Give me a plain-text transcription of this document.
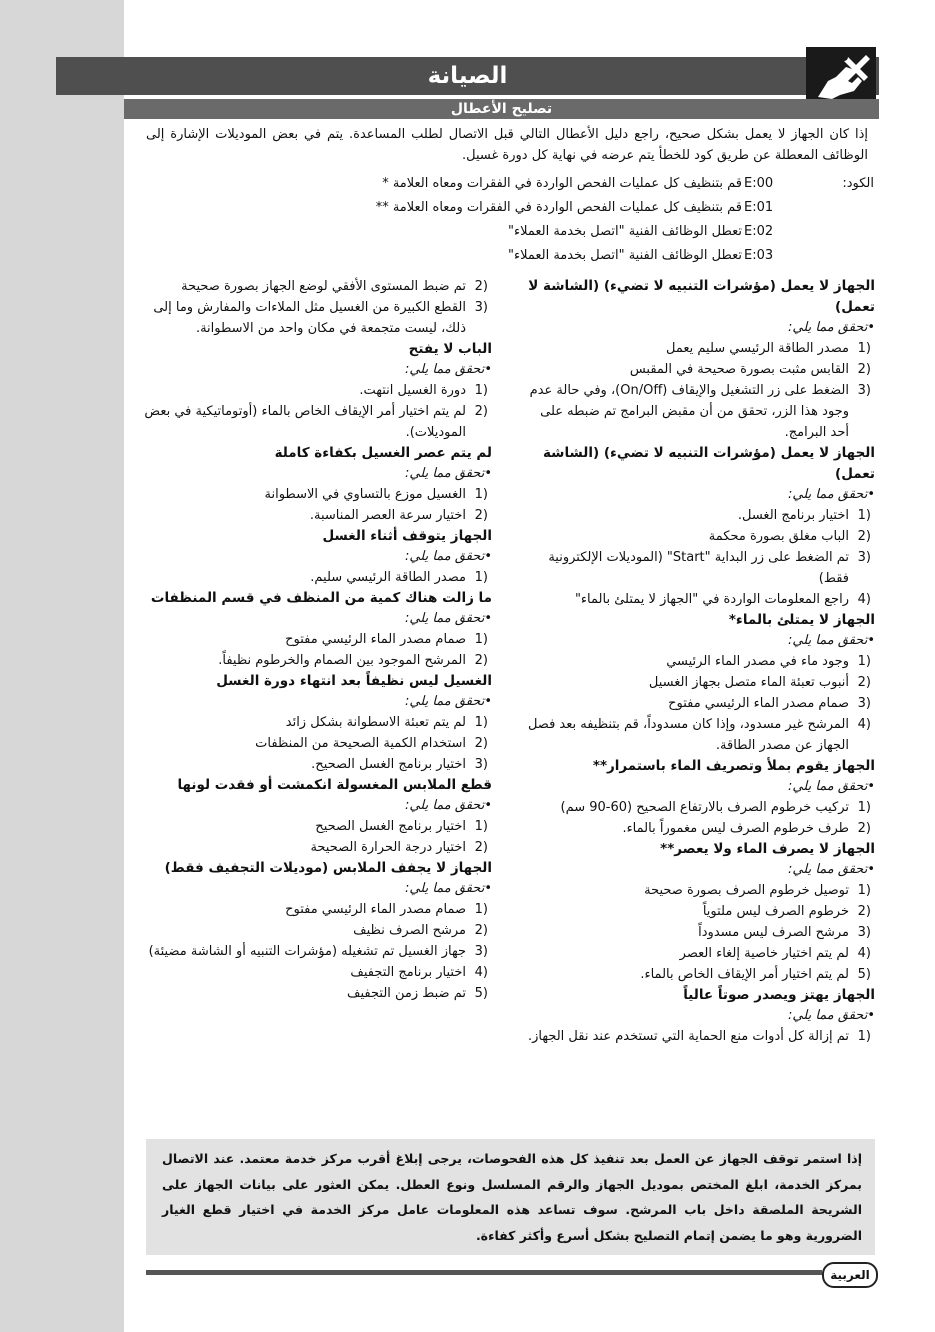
الصيانة
تصليح الأعطال
إذا كان الجهاز لا يعمل بشكل صحيح، راجع دليل الأعطال التالي قبل الاتصال لطلب المساعدة. يتم في بعض الموديلات الإشارة إلى الوظائف المعطلة عن طريق كود للخطأ يتم عرضه في نهاية كل دورة غسيل.
الكود:
E:00
قم بتنظيف كل عمليات الفحص الواردة في الفقرات ومعاه العلامة *
E:01
قم بتنظيف كل عمليات الفحص الواردة في الفقرات ومعاه العلامة **
E:02
تعطل الوظائف الفنية "اتصل بخدمة العملاء"
E:03
تعطل الوظائف الفنية "اتصل بخدمة العملاء"
الجهاز لا يعمل (مؤشرات التنبيه لا تضيء) (الشاشة لا تعمل)

• تحقق مما يلي:

1)
مصدر الطاقة الرئيسي سليم يعمل
2)
القابس مثبت بصورة صحيحة في المقبس
3)
الضغط على زر التشغيل والإيقاف (On/Off)، وفي حالة عدم وجود هذا الزر، تحقق من أن مقبض البرامج تم ضبطه على أحد البرامج.
الجهاز لا يعمل (مؤشرات التنبيه لا تضيء) (الشاشة تعمل)

• تحقق مما يلي:

1)
اختيار برنامج الغسل.
2)
الباب مغلق بصورة محكمة
3)
تم الضغط على زر البداية "Start" (الموديلات الإلكترونية فقط)
4)
راجع المعلومات الواردة في "الجهاز لا يمتلئ بالماء"
الجهاز لا يمتلئ بالماء*

• تحقق مما يلي:

1)
وجود ماء في مصدر الماء الرئيسي
2)
أنبوب تعبئة الماء متصل بجهاز الغسيل
3)
صمام مصدر الماء الرئيسي مفتوح
4)
المرشح غير مسدود، وإذا كان مسدوداً، قم بتنظيفه بعد فصل الجهاز عن مصدر الطاقة.
الجهاز يقوم بملأ وتصريف الماء باستمرار**

• تحقق مما يلي:

1)
تركيب خرطوم الصرف بالارتفاع الصحيح (60-90 سم)
2)
طرف خرطوم الصرف ليس مغموراً بالماء.
الجهاز لا يصرف الماء ولا يعصر**

• تحقق مما يلي:

1)
توصيل خرطوم الصرف بصورة صحيحة
2)
خرطوم الصرف ليس ملتوياً
3)
مرشح الصرف ليس مسدوداً
4)
لم يتم اختيار خاصية إلغاء العصر
5)
لم يتم اختيار أمر الإيقاف الخاص بالماء.
الجهاز يهتز ويصدر صوتاً عالياً

• تحقق مما يلي:

1)
تم إزالة كل أدوات منع الحماية التي تستخدم عند نقل الجهاز.
2)
تم ضبط المستوى الأفقي لوضع الجهاز بصورة صحيحة
3)
القطع الكبيرة من الغسيل مثل الملاءات والمفارش وما إلى ذلك، ليست متجمعة في مكان واحد من الاسطوانة.
الباب لا يفتح

• تحقق مما يلي:

1)
دورة الغسيل انتهت.
2)
لم يتم اختيار أمر الإيقاف الخاص بالماء (أوتوماتيكية في بعض الموديلات).
لم يتم عصر الغسيل بكفاءة كاملة

• تحقق مما يلي:

1)
الغسيل موزع بالتساوي في الاسطوانة
2)
اختيار سرعة العصر المناسبة.
الجهاز يتوقف أثناء الغسل

• تحقق مما يلي:

1)
مصدر الطاقة الرئيسي سليم.
ما زالت هناك كمية من المنظف في قسم المنظفات

• تحقق مما يلي:

1)
صمام مصدر الماء الرئيسي مفتوح
2)
المرشح الموجود بين الصمام والخرطوم نظيفاً.
الغسيل ليس نظيفاً بعد انتهاء دورة الغسل

• تحقق مما يلي:

1)
لم يتم تعبئة الاسطوانة بشكل زائد
2)
استخدام الكمية الصحيحة من المنظفات
3)
اختيار برنامج الغسل الصحيح.
قطع الملابس المغسولة انكمشت أو فقدت لونها

• تحقق مما يلي:

1)
اختيار برنامج الغسل الصحيح
2)
اختيار درجة الحرارة الصحيحة
الجهاز لا يجفف الملابس (موديلات التجفيف فقط)

• تحقق مما يلي:

1)
صمام مصدر الماء الرئيسي مفتوح
2)
مرشح الصرف نظيف
3)
جهاز الغسيل تم تشغيله (مؤشرات التنبيه أو الشاشة مضيئة)
4)
اختيار برنامج التجفيف
5)
تم ضبط زمن التجفيف
إذا استمر توقف الجهاز عن العمل بعد تنفيذ كل هذه الفحوصات، يرجى إبلاغ أقرب مركز خدمة معتمد. عند الاتصال بمركز الخدمة، ابلغ المختص بموديل الجهاز والرقم المسلسل ونوع العطل. يمكن العثور على بيانات الجهاز على الشريحة الملصقة داخل باب المرشح. سوف تساعد هذه المعلومات عامل مركز الخدمة في اختيار قطع الغيار الضرورية وهو ما يضمن إتمام التصليح بشكل أسرع وأكثر كفاءة.
العربية
